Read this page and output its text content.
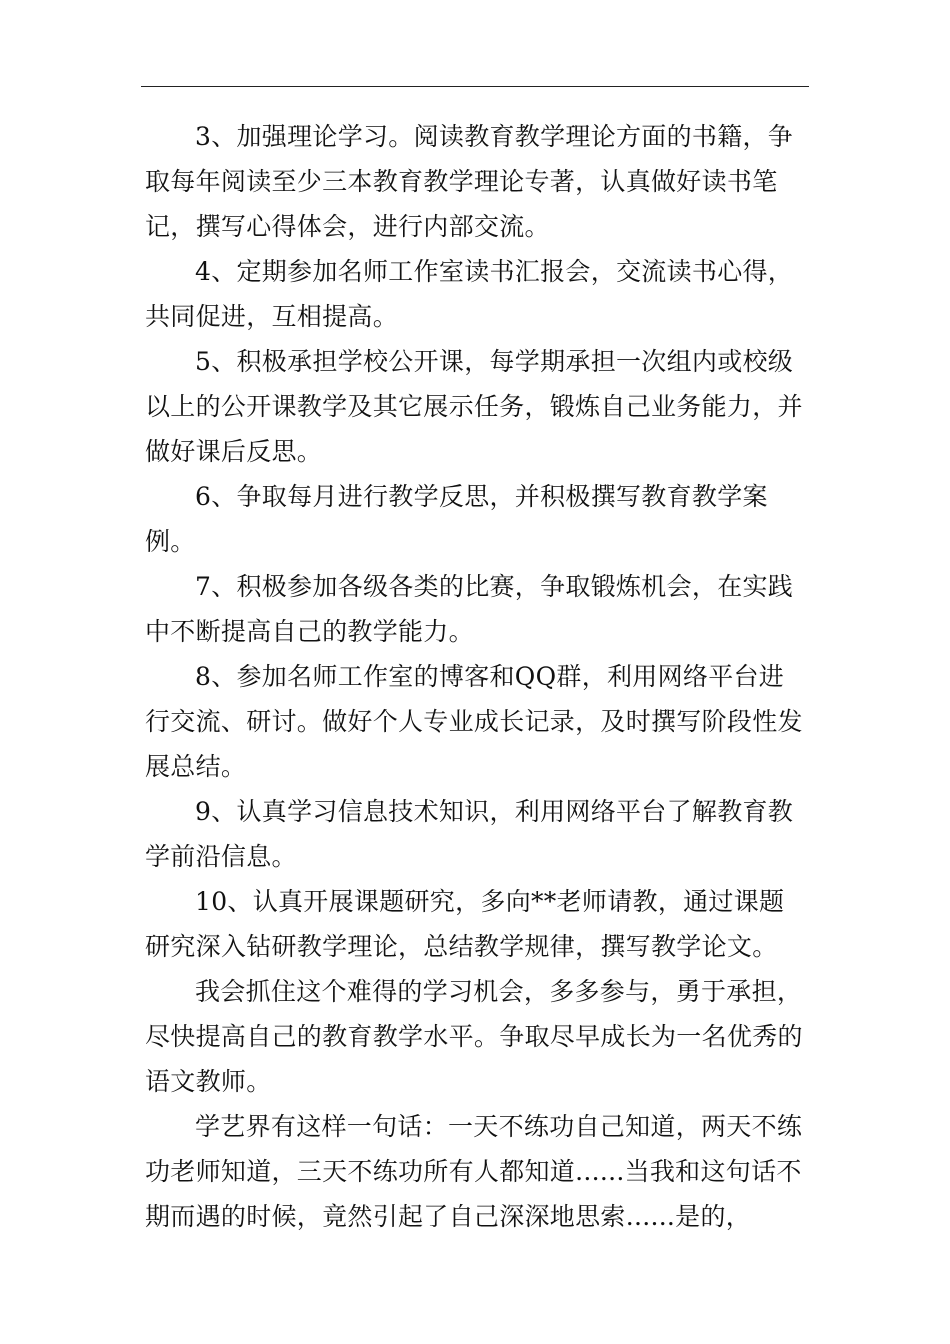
3、加强理论学习。阅读教育教学理论方面的书籍，争取每年阅读至少三本教育教学理论专著，认真做好读书笔记，撰写心得体会，进行内部交流。

4、定期参加名师工作室读书汇报会，交流读书心得，共同促进，互相提高。

5、积极承担学校公开课，每学期承担一次组内或校级以上的公开课教学及其它展示任务，锻炼自己业务能力，并做好课后反思。

6、争取每月进行教学反思，并积极撰写教育教学案例。

7、积极参加各级各类的比赛，争取锻炼机会，在实践中不断提高自己的教学能力。

8、参加名师工作室的博客和QQ群，利用网络平台进行交流、研讨。做好个人专业成长记录，及时撰写阶段性发展总结。

9、认真学习信息技术知识，利用网络平台了解教育教学前沿信息。

10、认真开展课题研究，多向**老师请教，通过课题研究深入钻研教学理论，总结教学规律，撰写教学论文。

我会抓住这个难得的学习机会，多多参与，勇于承担，尽快提高自己的教育教学水平。争取尽早成长为一名优秀的语文教师。

学艺界有这样一句话：一天不练功自己知道，两天不练功老师知道，三天不练功所有人都知道......当我和这句话不期而遇的时候，竟然引起了自己深深地思索......是的，
